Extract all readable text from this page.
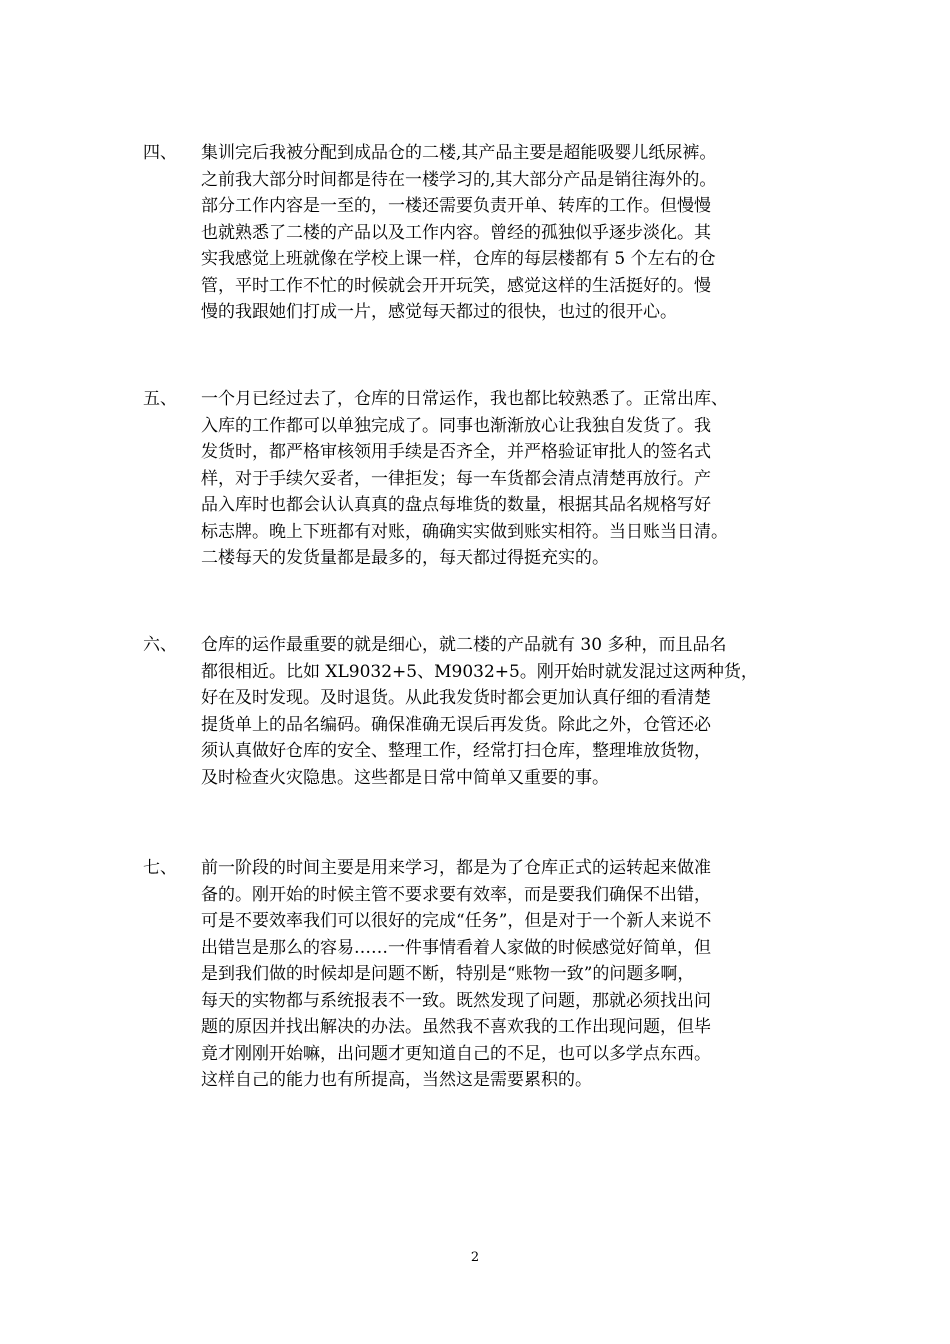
四、 集训完后我被分配到成品仓的二楼,其产品主要是超能吸婴儿纸尿裤。
之前我大部分时间都是待在一楼学习的,其大部分产品是销往海外的。
部分工作内容是一至的，一楼还需要负责开单、转库的工作。但慢慢
也就熟悉了二楼的产品以及工作内容。曾经的孤独似乎逐步淡化。其
实我感觉上班就像在学校上课一样，仓库的每层楼都有 5 个左右的仓
管，平时工作不忙的时候就会开开玩笑，感觉这样的生活挺好的。慢
慢的我跟她们打成一片，感觉每天都过的很快，也过的很开心。
五、 一个月已经过去了，仓库的日常运作，我也都比较熟悉了。正常出库、
入库的工作都可以单独完成了。同事也渐渐放心让我独自发货了。我
发货时，都严格审核领用手续是否齐全，并严格验证审批人的签名式
样，对于手续欠妥者，一律拒发；每一车货都会清点清楚再放行。产
品入库时也都会认认真真的盘点每堆货的数量，根据其品名规格写好
标志牌。晚上下班都有对账，确确实实做到账实相符。当日账当日清。
二楼每天的发货量都是最多的，每天都过得挺充实的。
六、 仓库的运作最重要的就是细心，就二楼的产品就有 30 多种，而且品名
都很相近。比如 XL9032+5、M9032+5。刚开始时就发混过这两种货，
好在及时发现。及时退货。从此我发货时都会更加认真仔细的看清楚
提货单上的品名编码。确保准确无误后再发货。除此之外，仓管还必
须认真做好仓库的安全、整理工作，经常打扫仓库，整理堆放货物，
及时检查火灾隐患。这些都是日常中简单又重要的事。
七、 前一阶段的时间主要是用来学习，都是为了仓库正式的运转起来做准
备的。刚开始的时候主管不要求要有效率，而是要我们确保不出错，
可是不要效率我们可以很好的完成“任务”，但是对于一个新人来说不
出错岂是那么的容易……一件事情看着人家做的时候感觉好简单，但
是到我们做的时候却是问题不断，特别是“账物一致”的问题多啊，
每天的实物都与系统报表不一致。既然发现了问题，那就必须找出问
题的原因并找出解决的办法。虽然我不喜欢我的工作出现问题，但毕
竟才刚刚开始嘛，出问题才更知道自己的不足，也可以多学点东西。
这样自己的能力也有所提高，当然这是需要累积的。
2
